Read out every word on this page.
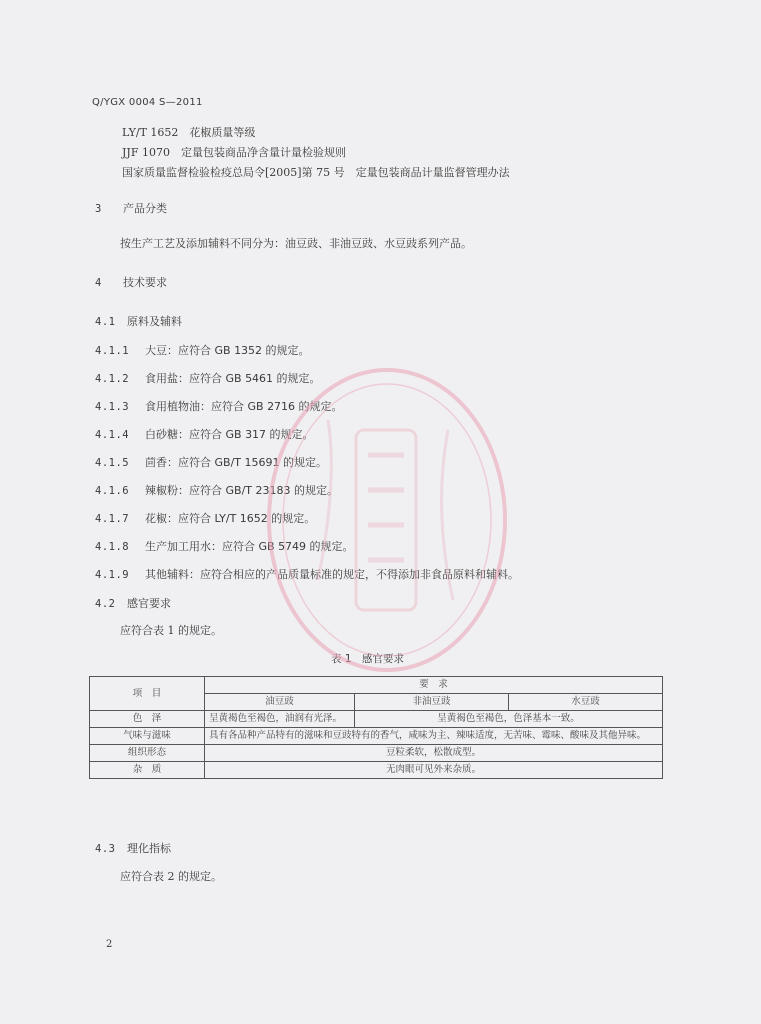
Q/YGX 0004 S—2011
LY/T 1652　花椒质量等级
JJF 1070　定量包装商品净含量计量检验规则
国家质量监督检验检疫总局令[2005]第 75 号　定量包装商品计量监督管理办法
3 产品分类
按生产工艺及添加辅料不同分为：油豆豉、非油豆豉、水豆豉系列产品。
4 技术要求
4.1 原料及辅料
4.1.1 大豆：应符合 GB 1352 的规定。
4.1.2 食用盐：应符合 GB 5461 的规定。
4.1.3 食用植物油：应符合 GB 2716 的规定。
4.1.4 白砂糖：应符合 GB 317 的规定。
4.1.5 茴香：应符合 GB/T 15691 的规定。
4.1.6 辣椒粉：应符合 GB/T 23183 的规定。
4.1.7 花椒：应符合 LY/T 1652 的规定。
4.1.8 生产加工用水：应符合 GB 5749 的规定。
4.1.9 其他辅料：应符合相应的产品质量标准的规定，不得添加非食品原料和辅料。
4.2 感官要求
应符合表 1 的规定。
表 1　感官要求
项　目	要　求		
	油豆豉	非油豆豉	水豆豉
色　泽	呈黄褐色至褐色，油润有光泽。	呈黄褐色至褐色，色泽基本一致。	
气味与滋味	具有各品种产品特有的滋味和豆豉特有的香气，咸味为主、辣味适度，无苦味、霉味、酸味及其他异味。		
组织形态	豆粒柔软，松散成型。		
杂　质	无肉眼可见外来杂质。		
4.3 理化指标
应符合表 2 的规定。
2
